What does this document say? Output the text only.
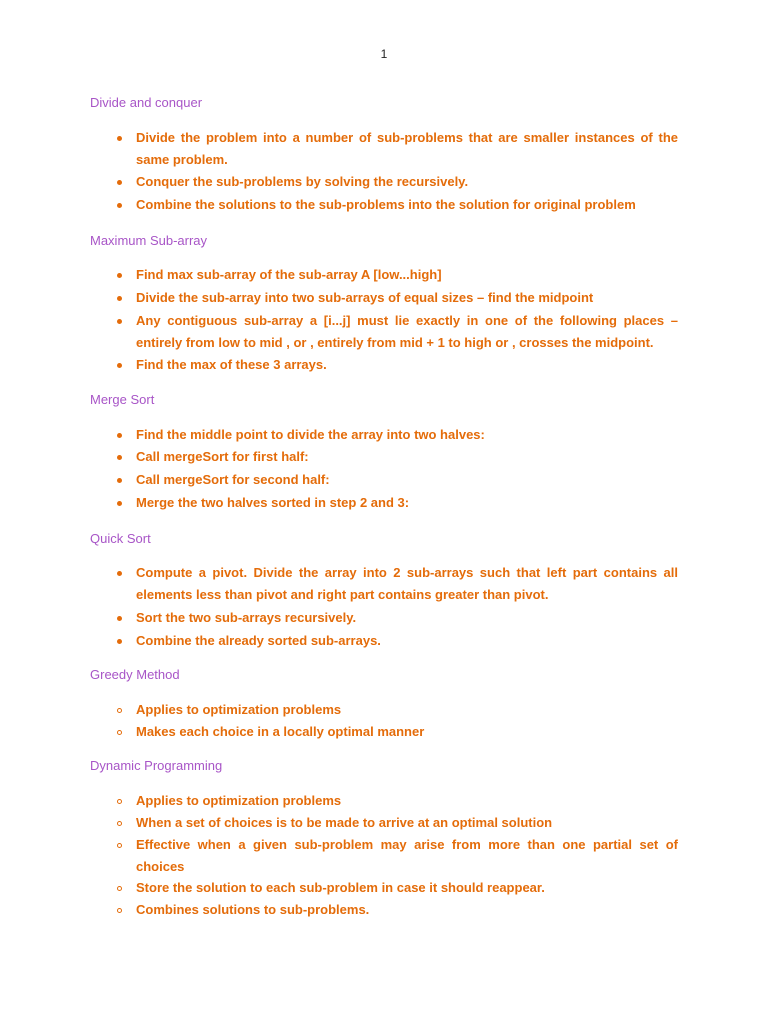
1
Divide and conquer
Divide the problem into a number of sub-problems that are smaller instances of the same problem.
Conquer the sub-problems by solving the recursively.
Combine the solutions to the sub-problems into the solution for original problem
Maximum Sub-array
Find max sub-array of the sub-array A [low...high]
Divide the sub-array into two sub-arrays of equal sizes – find the midpoint
Any contiguous sub-array a [i...j] must lie exactly in one of the following places – entirely from low to mid , or , entirely from mid + 1 to high or , crosses the midpoint.
Find the max of these 3 arrays.
Merge Sort
Find the middle point to divide the array into two halves:
Call mergeSort for first half:
Call mergeSort for second half:
Merge the two halves sorted in step 2 and 3:
Quick Sort
Compute a pivot. Divide the array into 2 sub-arrays such that left part contains all elements less than pivot and right part contains greater than pivot.
Sort the two sub-arrays recursively.
Combine the already sorted sub-arrays.
Greedy Method
Applies to optimization problems
Makes each choice in a locally optimal manner
Dynamic Programming
Applies to optimization problems
When a set of choices is to be made to arrive at an optimal solution
Effective when a given sub-problem may arise from more than one partial set of choices
Store the solution to each sub-problem in case it should reappear.
Combines solutions to sub-problems.
